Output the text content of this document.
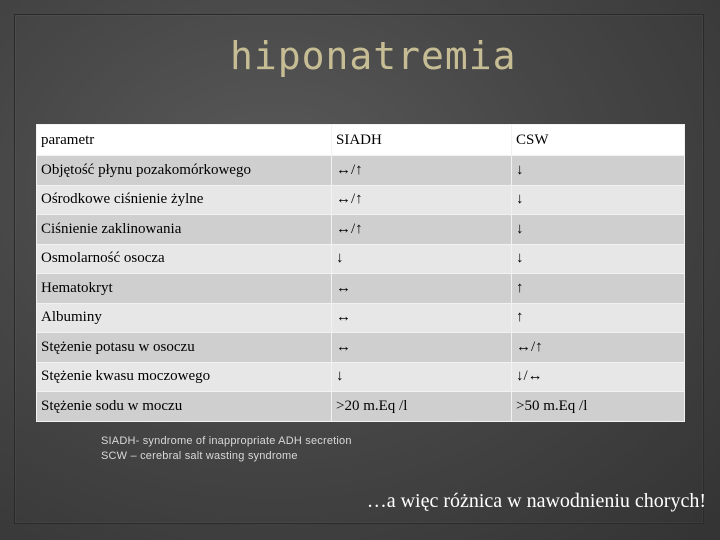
hiponatremia
parametr	SIADH	CSW
Objętość płynu pozakomórkowego	↔/↑	↓
Ośrodkowe ciśnienie żylne	↔/↑	↓
Ciśnienie zaklinowania	↔/↑	↓
Osmolarność osocza	↓	↓
Hematokryt	↔	↑
Albuminy	↔	↑
Stężenie potasu w osoczu	↔	↔/↑
Stężenie kwasu moczowego	↓	↓/↔
Stężenie sodu w moczu	>20 m.Eq /l	>50 m.Eq /l
SIADH- syndrome of inappropriate ADH secretion
SCW – cerebral salt wasting syndrome
…a więc różnica w nawodnieniu chorych!
